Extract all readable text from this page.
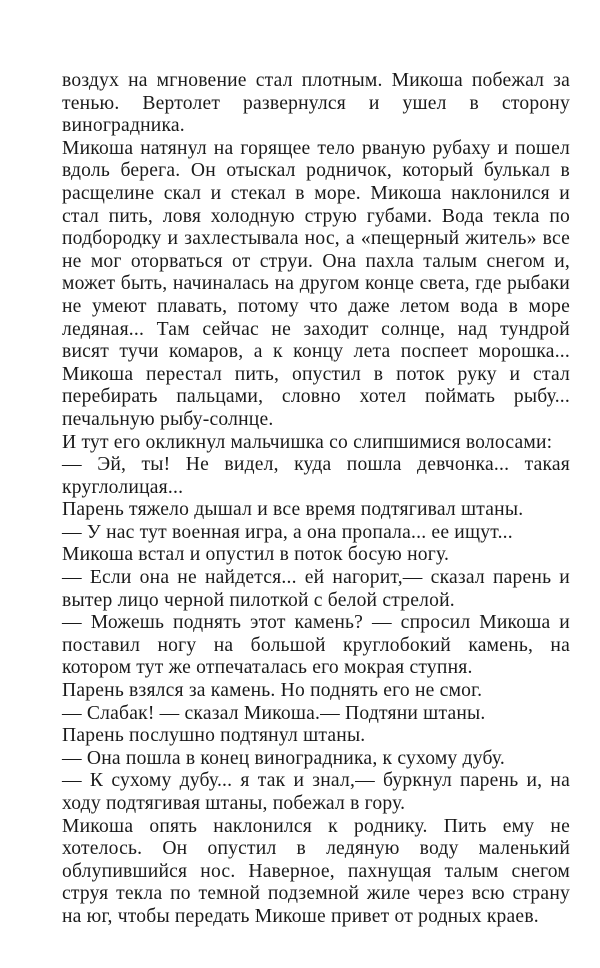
воздух на мгновение стал плотным. Микоша побежал за тенью. Вертолет развернулся и ушел в сторону виноградника.

Микоша натянул на горящее тело рваную рубаху и пошел вдоль берега. Он отыскал родничок, который булькал в расщелине скал и стекал в море. Микоша наклонился и стал пить, ловя холодную струю губами. Вода текла по подбородку и захлестывала нос, а «пещерный житель» все не мог оторваться от струи. Она пахла талым снегом и, может быть, начиналась на другом конце света, где рыбаки не умеют плавать, потому что даже летом вода в море ледяная... Там сейчас не заходит солнце, над тундрой висят тучи комаров, а к концу лета поспеет морошка... Микоша перестал пить, опустил в поток руку и стал перебирать пальцами, словно хотел поймать рыбу... печальную рыбу-солнце.

И тут его окликнул мальчишка со слипшимися волосами:

— Эй, ты! Не видел, куда пошла девчонка... такая круглолицая...

Парень тяжело дышал и все время подтягивал штаны.

— У нас тут военная игра, а она пропала... ее ищут...

Микоша встал и опустил в поток босую ногу.

— Если она не найдется... ей нагорит,— сказал парень и вытер лицо черной пилоткой с белой стрелой.

— Можешь поднять этот камень? — спросил Микоша и поставил ногу на большой круглобокий камень, на котором тут же отпечаталась его мокрая ступня.

Парень взялся за камень. Но поднять его не смог.

— Слабак! — сказал Микоша.— Подтяни штаны.

Парень послушно подтянул штаны.

— Она пошла в конец виноградника, к сухому дубу.

— К сухому дубу... я так и знал,— буркнул парень и, на ходу подтягивая штаны, побежал в гору.

Микоша опять наклонился к роднику. Пить ему не хотелось. Он опустил в ледяную воду маленький облупившийся нос. Наверное, пахнущая талым снегом струя текла по темной подземной жиле через всю страну на юг, чтобы передать Микоше привет от родных краев.
